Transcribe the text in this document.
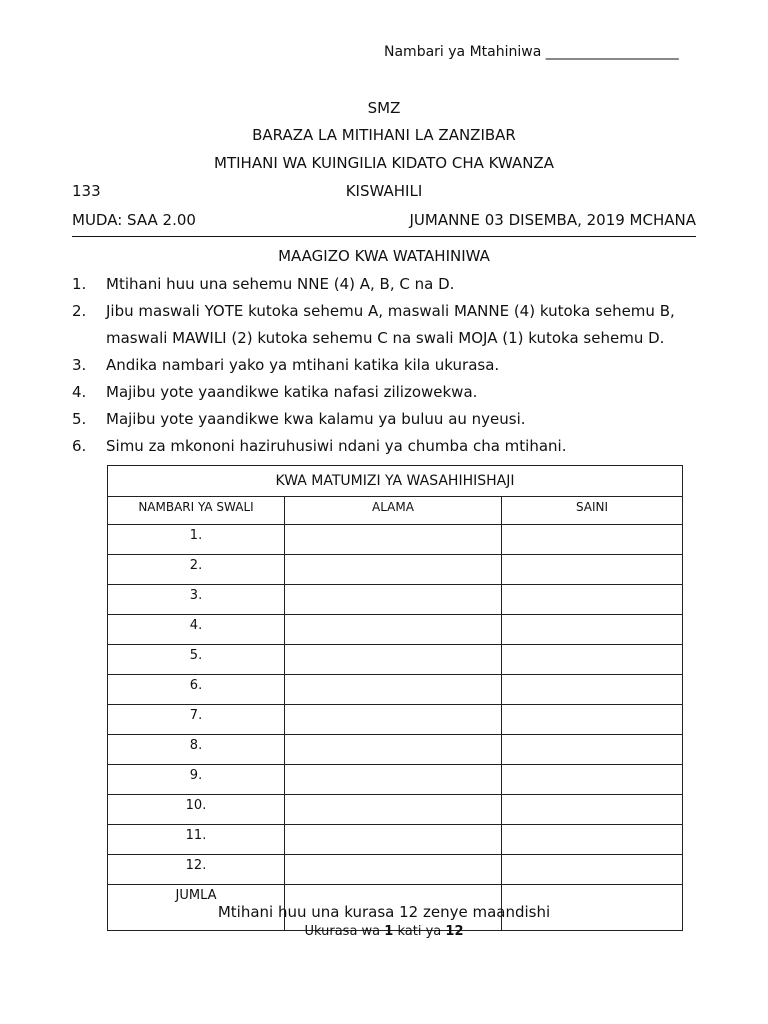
Nambari ya Mtahiniwa ___________________
SMZ
BARAZA LA MITIHANI LA ZANZIBAR
MTIHANI WA KUINGILIA KIDATO CHA KWANZA
133	KISWAHILI
MUDA: SAA 2.00	JUMANNE 03 DISEMBA, 2019 MCHANA
MAAGIZO KWA WATAHINIWA
1.	Mtihani huu una sehemu NNE (4) A, B, C na D.
2.	Jibu maswali YOTE kutoka sehemu A, maswali MANNE (4) kutoka sehemu B, maswali MAWILI (2) kutoka sehemu C na swali MOJA (1) kutoka sehemu D.
3.	Andika nambari yako ya mtihani katika kila ukurasa.
4.	Majibu yote yaandikwe katika nafasi zilizowekwa.
5.	Majibu yote yaandikwe kwa kalamu ya buluu au nyeusi.
6.	Simu za mkononi haziruhusiwi ndani ya chumba cha mtihani.
KWA MATUMIZI YA WASAHIHISHAJI		
NAMBARI YA SWALI	ALAMA	SAINI
1.		
2.		
3.		
4.		
5.		
6.		
7.		
8.		
9.		
10.		
11.		
12.		
JUMLA		
Mtihani huu una kurasa 12 zenye maandishi
Ukurasa wa 1 kati ya 12
